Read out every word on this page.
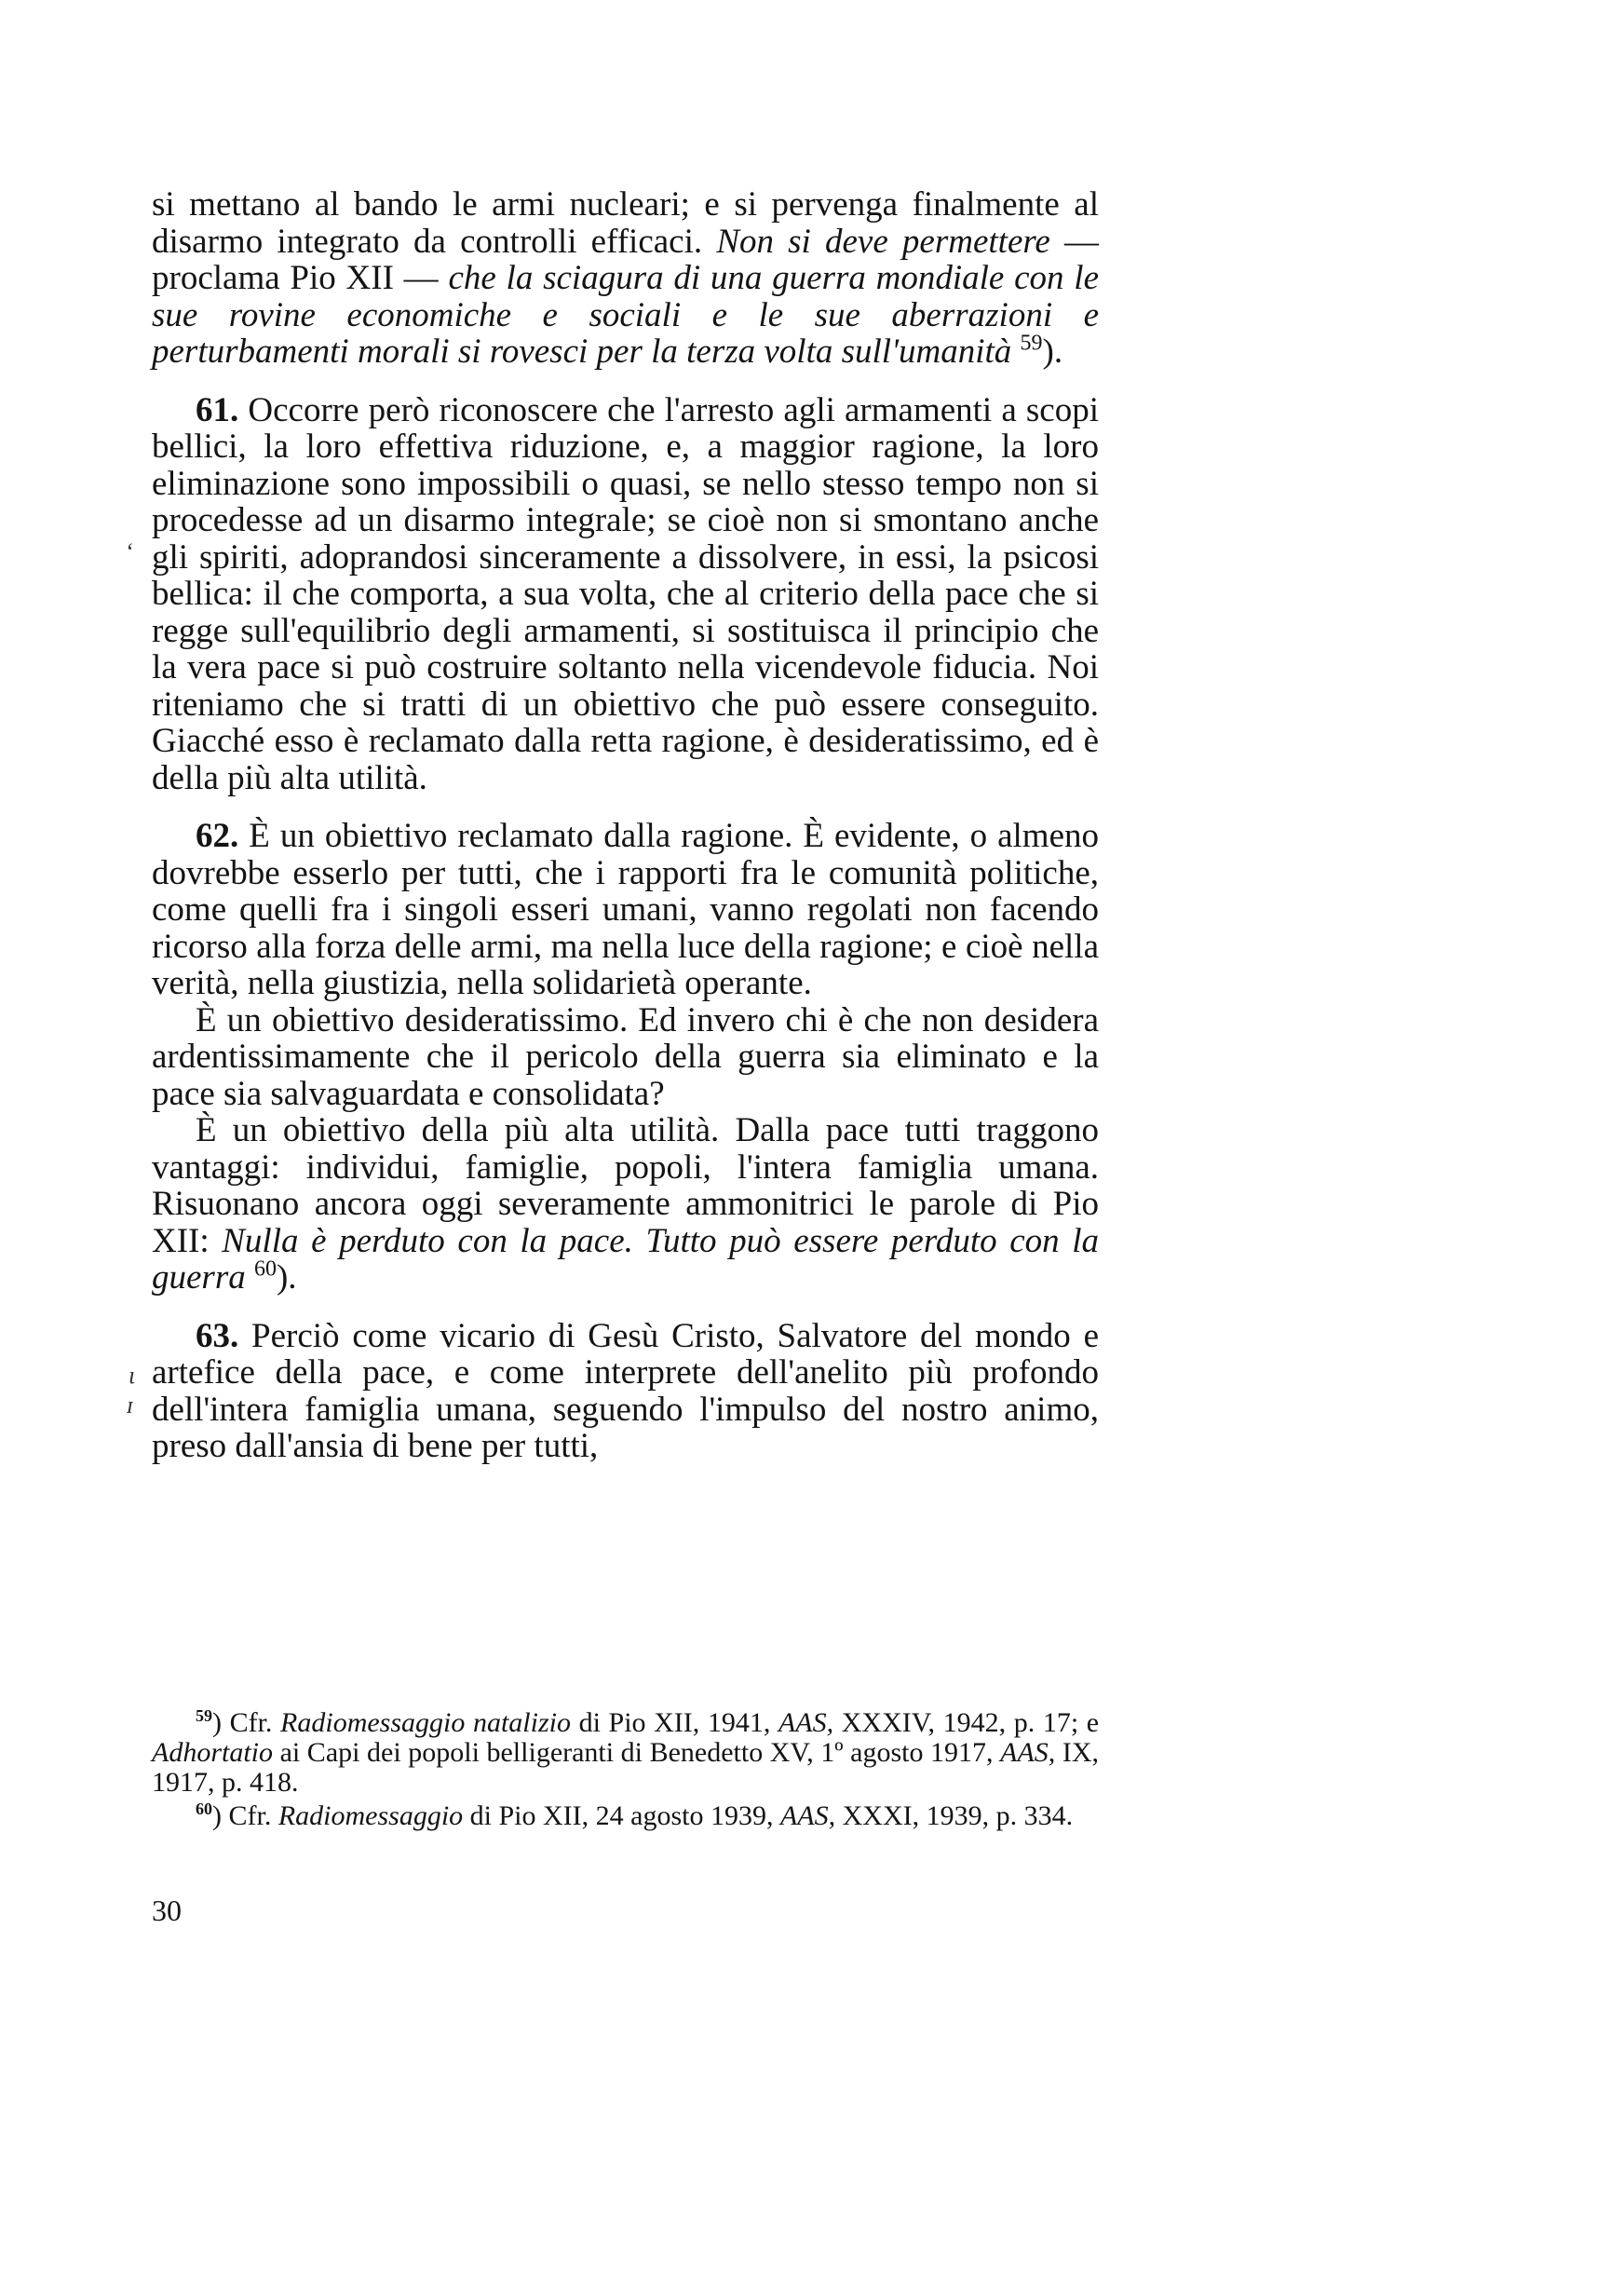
si mettano al bando le armi nucleari; e si pervenga finalmente al disarmo integrato da controlli efficaci. Non si deve permettere — proclama Pio XII — che la sciagura di una guerra mondiale con le sue rovine economiche e sociali e le sue aberrazioni e perturbamenti morali si rovesci per la terza volta sull'umanità $^{59}$).

61. Occorre però riconoscere che l'arresto agli armamenti a scopi bellici, la loro effettiva riduzione, e, a maggior ragione, la loro eliminazione sono impossibili o quasi, se nello stesso tempo non si procedesse ad un disarmo integrale; se cioè non si smontano anche gli spiriti, adoprandosi sinceramente a dissolvere, in essi, la psicosi bellica: il che comporta, a sua volta, che al criterio della pace che si regge sull'equilibrio degli armamenti, si sostituisca il principio che la vera pace si può costruire soltanto nella vicendevole fiducia. Noi riteniamo che si tratti di un obiettivo che può essere conseguito. Giacché esso è reclamato dalla retta ragione, è desideratissimo, ed è della più alta utilità.

62. È un obiettivo reclamato dalla ragione. È evidente, o almeno dovrebbe esserlo per tutti, che i rapporti fra le comunità politiche, come quelli fra i singoli esseri umani, vanno regolati non facendo ricorso alla forza delle armi, ma nella luce della ragione; e cioè nella verità, nella giustizia, nella solidarietà operante.

È un obiettivo desideratissimo. Ed invero chi è che non desidera ardentissimamente che il pericolo della guerra sia eliminato e la pace sia salvaguardata e consolidata?

È un obiettivo della più alta utilità. Dalla pace tutti traggono vantaggi: individui, famiglie, popoli, l'intera famiglia umana. Risuonano ancora oggi severamente ammonitrici le parole di Pio XII: Nulla è perduto con la pace. Tutto può essere perduto con la guerra $^{60}$).

63. Perciò come vicario di Gesù Cristo, Salvatore del mondo e artefice della pace, e come interprete dell'anelito più profondo dell'intera famiglia umana, seguendo l'impulso del nostro animo, preso dall'ansia di bene per tutti,

$^{59}$) Cfr. Radiomessaggio natalizio di Pio XII, 1941, AAS, XXXIV, 1942, p. 17; e Adhortatio ai Capi dei popoli belligeranti di Benedetto XV, 1º agosto 1917, AAS, IX, 1917, p. 418.

$^{60}$) Cfr. Radiomessaggio di Pio XII, 24 agosto 1939, AAS, XXXI, 1939, p. 334.

30
‘
ι
ɪ
